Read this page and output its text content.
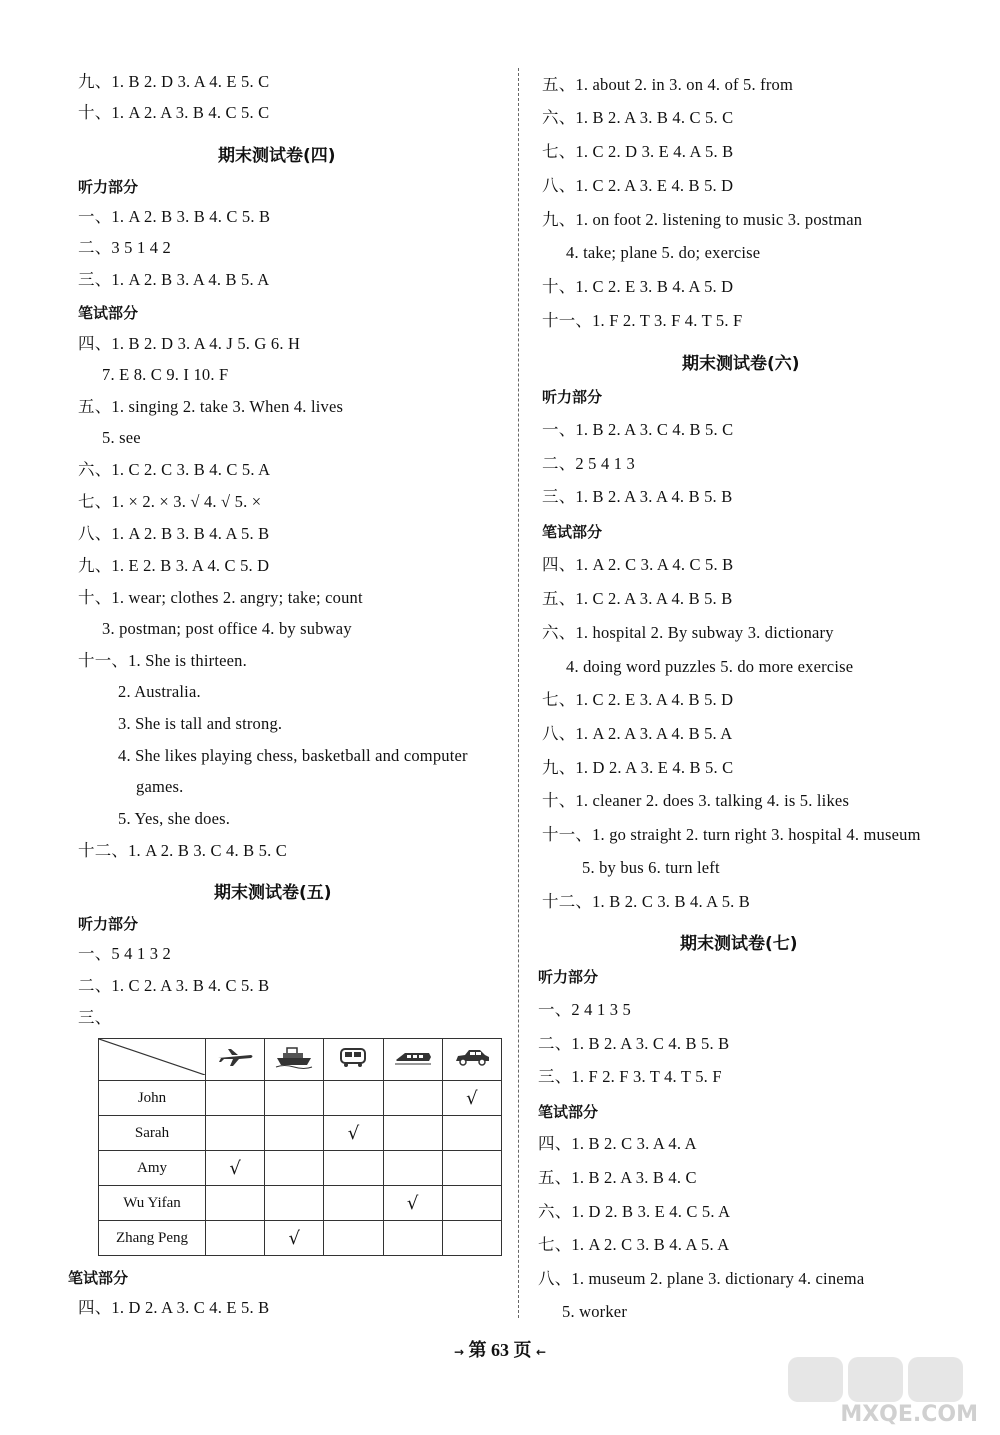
九、1. B 2. D 3. A 4. E 5. C
十、1. A 2. A 3. B 4. C 5. C
期末测试卷(四)
听力部分
一、1. A 2. B 3. B 4. C 5. B
二、3 5 1 4 2
三、1. A 2. B 3. A 4. B 5. A
笔试部分
四、1. B 2. D 3. A 4. J 5. G 6. H
7. E 8. C 9. I 10. F
五、1. singing 2. take 3. When 4. lives
5. see
六、1. C 2. C 3. B 4. C 5. A
七、1. × 2. × 3. √ 4. √ 5. ×
八、1. A 2. B 3. B 4. A 5. B
九、1. E 2. B 3. A 4. C 5. D
十、1. wear; clothes 2. angry; take; count
3. postman; post office 4. by subway
十一、1. She is thirteen.
2. Australia.
3. She is tall and strong.
4. She likes playing chess, basketball and computer
games.
5. Yes, she does.
十二、1. A 2. B 3. C 4. B 5. C
期末测试卷(五)
听力部分
一、5 4 1 3 2
二、1. C 2. A 3. B 4. C 5. B
三、

John					√
Sarah			√		
Amy	√				
Wu Yifan				√	
Zhang Peng		√			
笔试部分
四、1. D 2. A 3. C 4. E 5. B
五、1. about 2. in 3. on 4. of 5. from
六、1. B 2. A 3. B 4. C 5. C
七、1. C 2. D 3. E 4. A 5. B
八、1. C 2. A 3. E 4. B 5. D
九、1. on foot 2. listening to music 3. postman
4. take; plane 5. do; exercise
十、1. C 2. E 3. B 4. A 5. D
十一、1. F 2. T 3. F 4. T 5. F
期末测试卷(六)
听力部分
一、1. B 2. A 3. C 4. B 5. C
二、2 5 4 1 3
三、1. B 2. A 3. A 4. B 5. B
笔试部分
四、1. A 2. C 3. A 4. C 5. B
五、1. C 2. A 3. A 4. B 5. B
六、1. hospital 2. By subway 3. dictionary
4. doing word puzzles 5. do more exercise
七、1. C 2. E 3. A 4. B 5. D
八、1. A 2. A 3. A 4. B 5. A
九、1. D 2. A 3. E 4. B 5. C
十、1. cleaner 2. does 3. talking 4. is 5. likes
十一、1. go straight 2. turn right 3. hospital 4. museum
5. by bus 6. turn left
十二、1. B 2. C 3. B 4. A 5. B
期末测试卷(七)
听力部分
一、2 4 1 3 5
二、1. B 2. A 3. C 4. B 5. B
三、1. F 2. F 3. T 4. T 5. F
笔试部分
四、1. B 2. C 3. A 4. A
五、1. B 2. A 3. B 4. C
六、1. D 2. B 3. E 4. C 5. A
七、1. A 2. C 3. B 4. A 5. A
八、1. museum 2. plane 3. dictionary 4. cinema
5. worker
→ 第 63 页 ←
MXQE.COM
